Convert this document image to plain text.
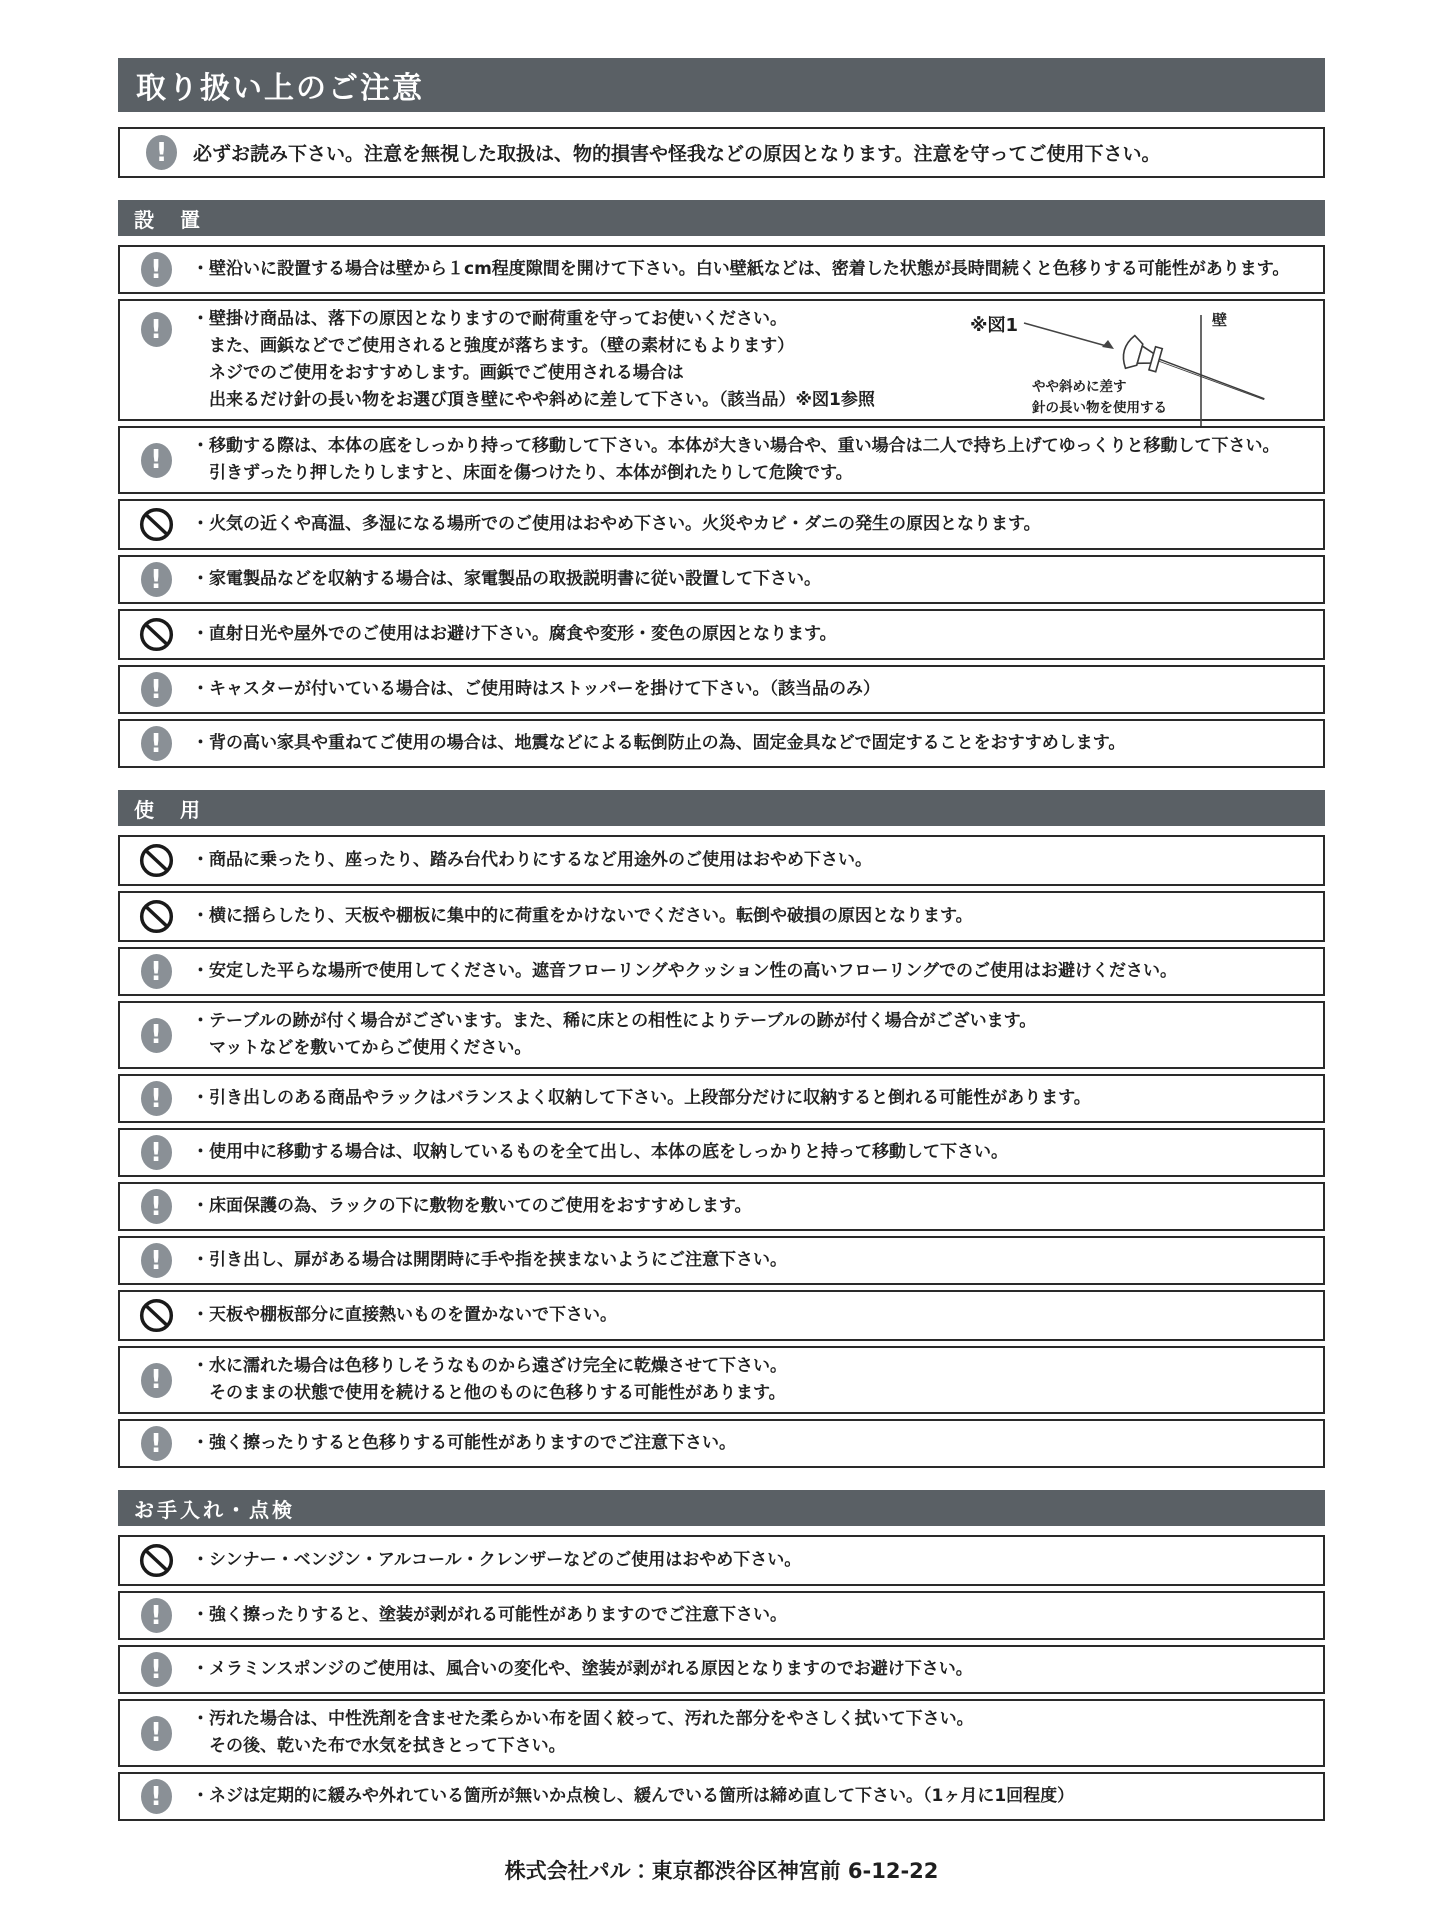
取り扱い上のご注意
!	必ずお読み下さい。注意を無視した取扱は、物的損害や怪我などの原因となります。注意を守ってご使用下さい。

設　置
!	・壁沿いに設置する場合は壁から１cm程度隙間を開けて下さい。白い壁紙などは、密着した状態が長時間続くと色移りする可能性があります。

!	・壁掛け商品は、落下の原因となりますので耐荷重を守ってお使いください。

また、画鋲などでご使用されると強度が落ちます。（壁の素材にもよります）

ネジでのご使用をおすすめします。画鋲でご使用される場合は

出来るだけ針の長い物をお選び頂き壁にやや斜めに差して下さい。（該当品）※図1参照

※図1	壁

やや斜めに差す

針の長い物を使用する

!	・移動する際は、本体の底をしっかり持って移動して下さい。本体が大きい場合や、重い場合は二人で持ち上げてゆっくりと移動して下さい。

引きずったり押したりしますと、床面を傷つけたり、本体が倒れたりして危険です。

・火気の近くや高温、多湿になる場所でのご使用はおやめ下さい。火災やカビ・ダニの発生の原因となります。

!	・家電製品などを収納する場合は、家電製品の取扱説明書に従い設置して下さい。

・直射日光や屋外でのご使用はお避け下さい。腐食や変形・変色の原因となります。

!	・キャスターが付いている場合は、ご使用時はストッパーを掛けて下さい。（該当品のみ）

!	・背の高い家具や重ねてご使用の場合は、地震などによる転倒防止の為、固定金具などで固定することをおすすめします。

使　用

・商品に乗ったり、座ったり、踏み台代わりにするなど用途外のご使用はおやめ下さい。

・横に揺らしたり、天板や棚板に集中的に荷重をかけないでください。転倒や破損の原因となります。

!	・安定した平らな場所で使用してください。遮音フローリングやクッション性の高いフローリングでのご使用はお避けください。

!	・テーブルの跡が付く場合がございます。また、稀に床との相性によりテーブルの跡が付く場合がございます。

マットなどを敷いてからご使用ください。

!	・引き出しのある商品やラックはバランスよく収納して下さい。上段部分だけに収納すると倒れる可能性があります。

!	・使用中に移動する場合は、収納しているものを全て出し、本体の底をしっかりと持って移動して下さい。

!	・床面保護の為、ラックの下に敷物を敷いてのご使用をおすすめします。

!	・引き出し、扉がある場合は開閉時に手や指を挟まないようにご注意下さい。

・天板や棚板部分に直接熱いものを置かないで下さい。

!	・水に濡れた場合は色移りしそうなものから遠ざけ完全に乾燥させて下さい。

そのままの状態で使用を続けると他のものに色移りする可能性があります。

!	・強く擦ったりすると色移りする可能性がありますのでご注意下さい。

お手入れ・点検

・シンナー・ベンジン・アルコール・クレンザーなどのご使用はおやめ下さい。

!	・強く擦ったりすると、塗装が剥がれる可能性がありますのでご注意下さい。

!	・メラミンスポンジのご使用は、風合いの変化や、塗装が剥がれる原因となりますのでお避け下さい。

!	・汚れた場合は、中性洗剤を含ませた柔らかい布を固く絞って、汚れた部分をやさしく拭いて下さい。

その後、乾いた布で水気を拭きとって下さい。

!	・ネジは定期的に緩みや外れている箇所が無いか点検し、緩んでいる箇所は締め直して下さい。（1ヶ月に1回程度）

株式会社パル：東京都渋谷区神宮前 6-12-22
